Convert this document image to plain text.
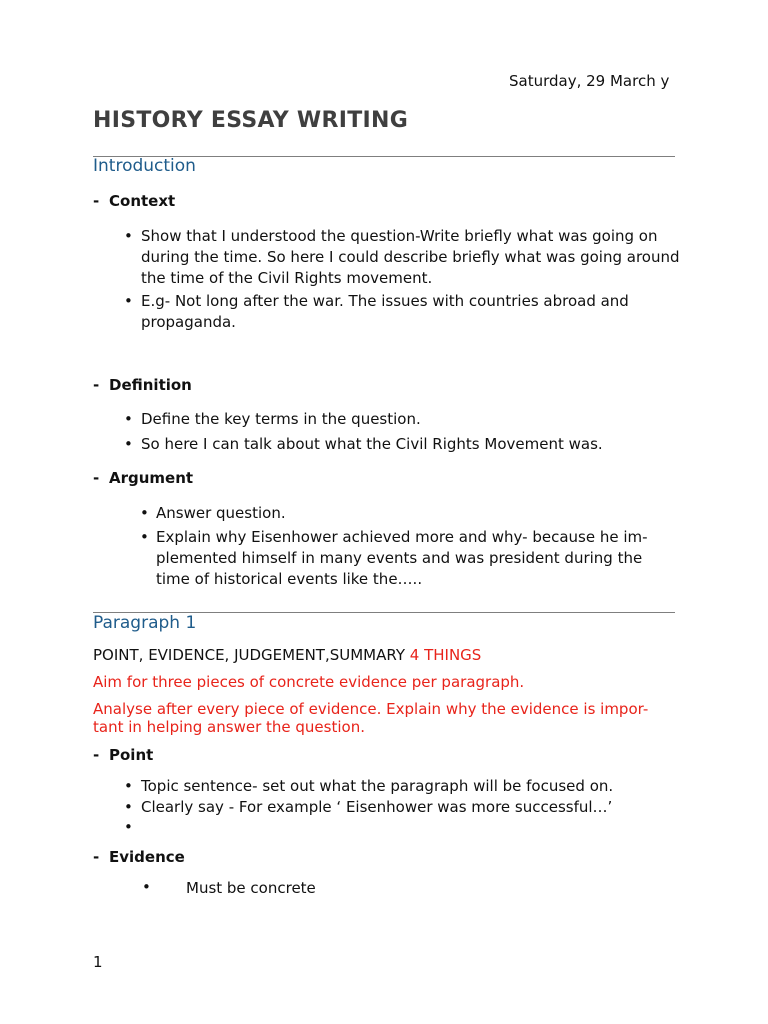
Saturday, 29 March y
HISTORY ESSAY WRITING
Introduction
- Context
• Show that I understood the question-Write briefly what was going on during the time. So here I could describe briefly what was going around the time of the Civil Rights movement.
• E.g- Not long after the war. The issues with countries abroad and propaganda.
- Definition
• Define the key terms in the question.
• So here I can talk about what the Civil Rights Movement was.
- Argument
• Answer question.
• Explain why Eisenhower achieved more and why- because he im- plemented himself in many events and was president during the time of historical events like the…..
Paragraph 1
POINT, EVIDENCE, JUDGEMENT,SUMMARY 4 THINGS
Aim for three pieces of concrete evidence per paragraph.
Analyse after every piece of evidence. Explain why the evidence is impor- tant in helping answer the question.
- Point
• Topic sentence- set out what the paragraph will be focused on.
• Clearly say - For example ‘ Eisenhower was more successful…’
•
- Evidence
• Must be concrete
1
